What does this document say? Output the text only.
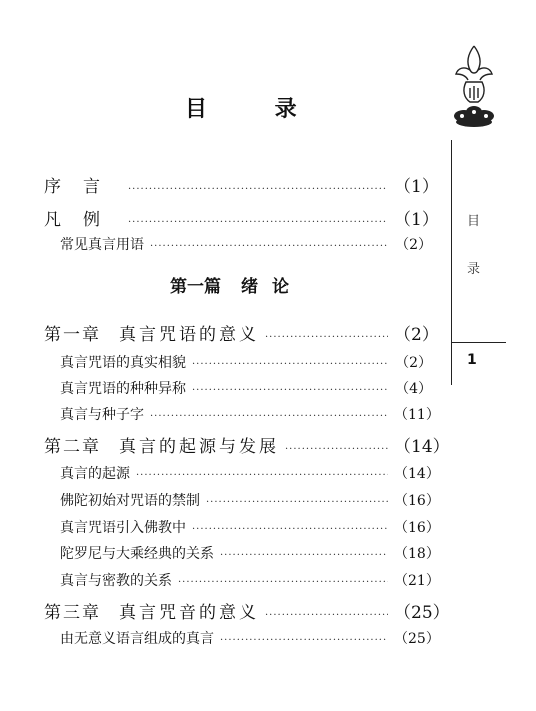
目 录
序言 ·····	（1）
凡例 ·····	（1）
常见真言用语 ·····	（2）
第一篇 绪论
第一章 真言咒语的意义 ·····	（2）
真言咒语的真实相貌 ·····	（2）
真言咒语的种种异称 ·····	（4）
真言与种子字 ·····	（11）
第二章 真言的起源与发展 ·····	（14）
真言的起源 ·····	（14）
佛陀初始对咒语的禁制 ·····	（16）
真言咒语引入佛教中 ·····	（16）
陀罗尼与大乘经典的关系 ·····	（18）
真言与密教的关系 ·····	（21）
第三章 真言咒音的意义 ·····	（25）
由无意义语言组成的真言 ·····	（25）
目
录
1
